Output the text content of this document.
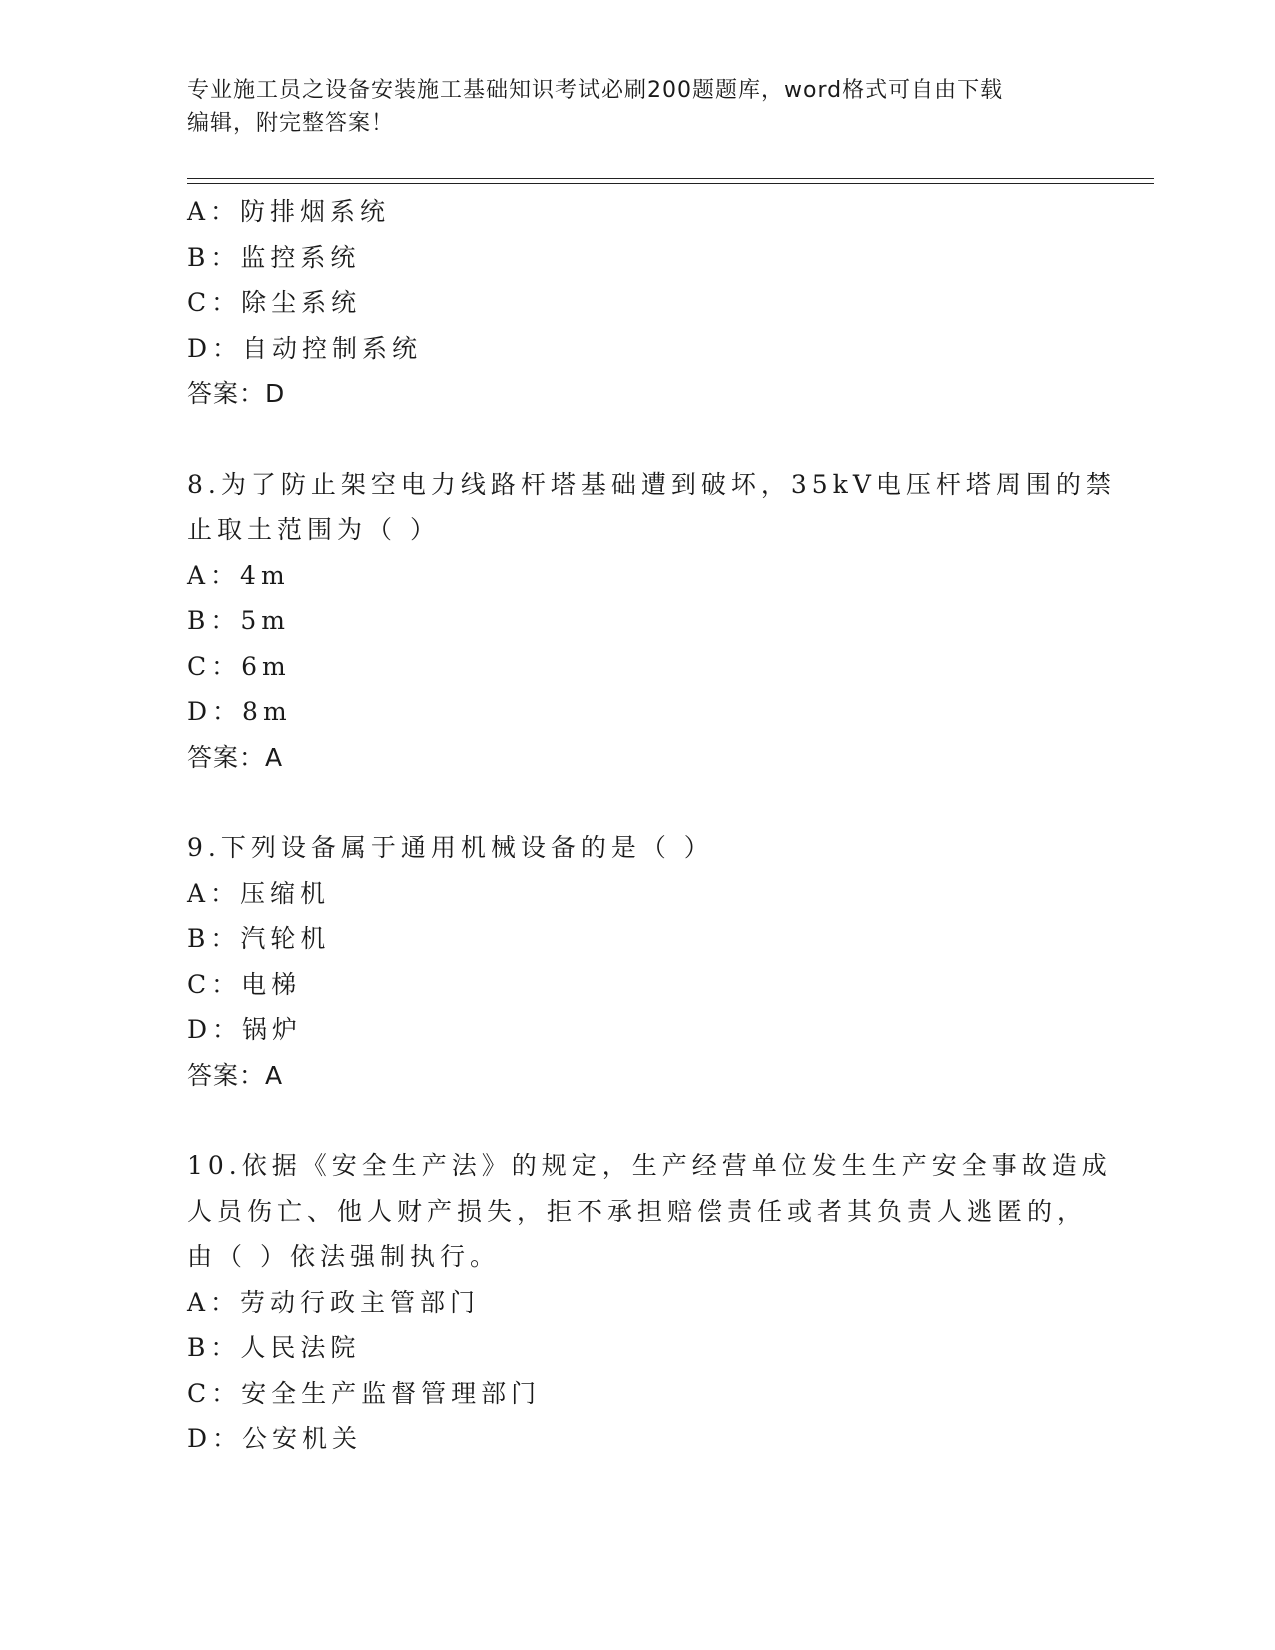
专业施工员之设备安装施工基础知识考试必刷200题题库，word格式可自由下载
编辑，附完整答案！
A：防排烟系统
B：监控系统
C：除尘系统
D：自动控制系统
答案：D
8.为了防止架空电力线路杆塔基础遭到破坏，35kV电压杆塔周围的禁
止取土范围为（ ）
A：4m
B：5m
C：6m
D：8m
答案：A
9.下列设备属于通用机械设备的是（ ）
A：压缩机
B：汽轮机
C：电梯
D：锅炉
答案：A
10.依据《安全生产法》的规定，生产经营单位发生生产安全事故造成
人员伤亡、他人财产损失，拒不承担赔偿责任或者其负责人逃匿的，
由（ ）依法强制执行。
A：劳动行政主管部门
B：人民法院
C：安全生产监督管理部门
D：公安机关
